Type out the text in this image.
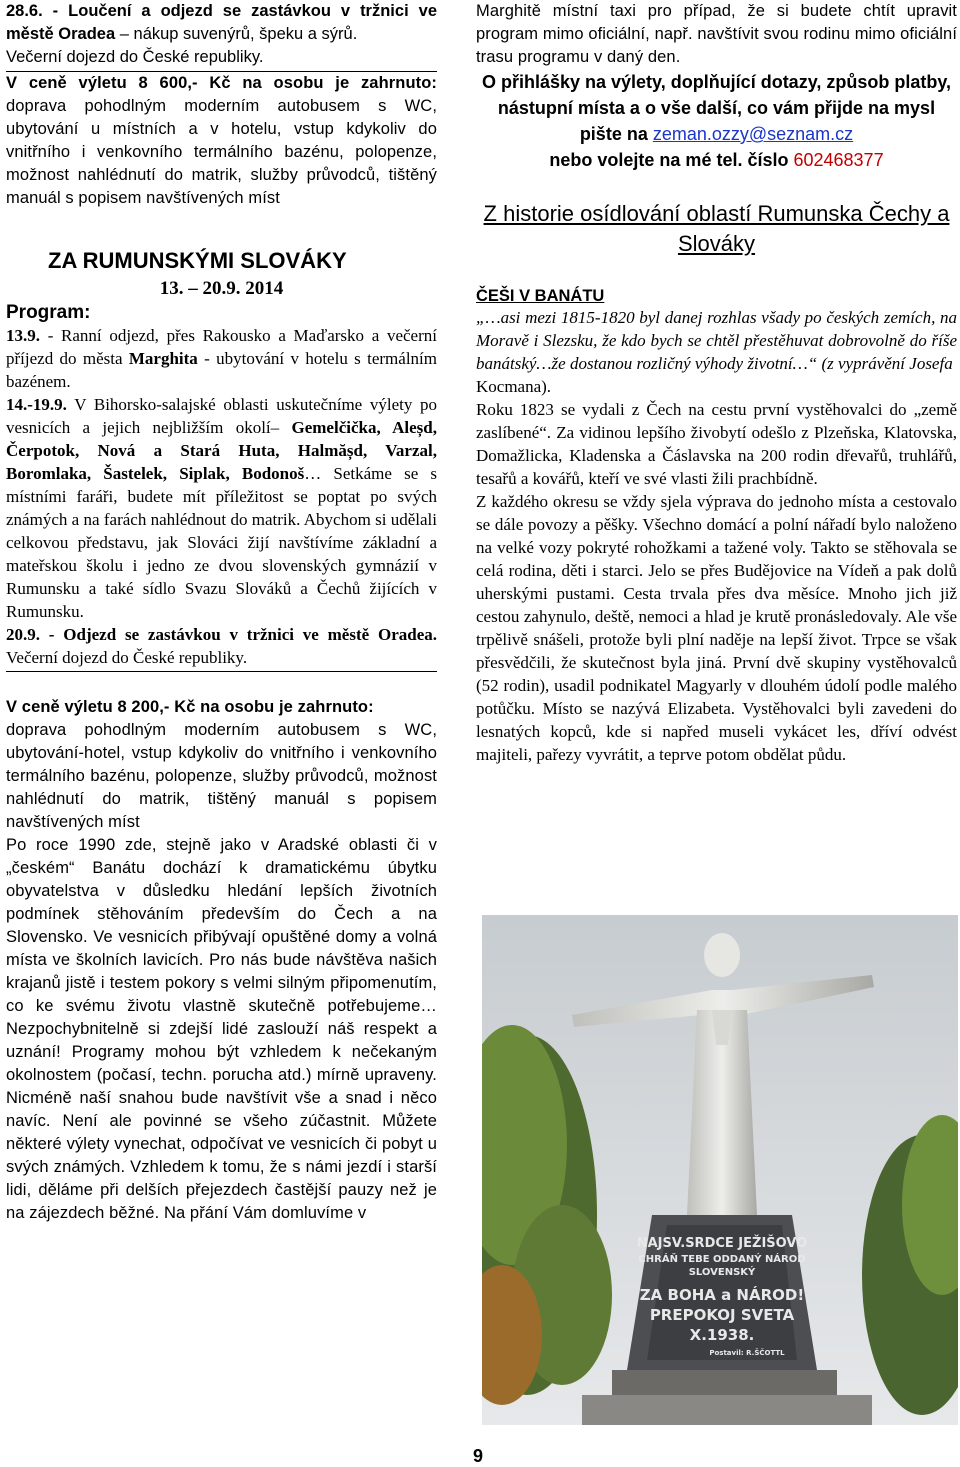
28.6. - Loučení a odjezd se zastávkou v tržnici ve městě Oradea – nákup suvenýrů, špeku a sýrů.
Večerní dojezd do České republiky.

V ceně výletu 8 600,- Kč na osobu je zahrnuto: doprava pohodlným moderním autobusem s WC, ubytování u místních a v hotelu, vstup kdykoliv do vnitřního i venkovního termálního bazénu, polopenze, možnost nahlédnutí do matrik, služby průvodců, tištěný manuál s popisem navštívených míst

ZA RUMUNSKÝMI SLOVÁKY
13. – 20.9. 2014
Program:

13.9. - Ranní odjezd, přes Rakousko a Maďarsko a večerní příjezd do města Marghita - ubytování v hotelu s termálním bazénem.

14.-19.9. V Bihorsko-salajské oblasti uskutečníme výlety po vesnicích a jejich nejbližším okolí– Gemelčička, Aleșd, Čerpotok, Nová a Stará Huta, Halmășd, Varzal, Boromlaka, Šastelek, Siplak, Bodonoš… Setkáme se s místními faráři, budete mít příležitost se poptat po svých známých a na farách nahlédnout do matrik. Abychom si udělali celkovou představu, jak Slováci žijí navštívíme základní a mateřskou školu i jedno ze dvou slovenských gymnázií v Rumunsku a také sídlo Svazu Slováků a Čechů žijících v Rumunsku.

20.9. - Odjezd se zastávkou v tržnici ve městě Oradea. Večerní dojezd do České republiky.

V ceně výletu 8 200,- Kč na osobu je zahrnuto:
doprava pohodlným moderním autobusem s WC, ubytování-hotel, vstup kdykoliv do vnitřního i venkovního termálního bazénu, polopenze, služby průvodců, možnost nahlédnutí do matrik, tištěný manuál s popisem navštívených míst

Po roce 1990 zde, stejně jako v Aradské oblasti či v „českém“ Banátu dochází k dramatickému úbytku obyvatelstva v důsledku hledání lepších životních podmínek stěhováním především do Čech a na Slovensko. Ve vesnicích přibývají opuštěné domy a volná místa ve školních lavicích. Pro nás bude návštěva našich krajanů jistě i testem pokory s velmi silným připomenutím, co ke svému životu vlastně skutečně potřebujeme…Nezpochybnitelně si zdejší lidé zaslouží náš respekt a uznání! Programy mohou být vzhledem k nečekaným okolnostem (počasí, techn. porucha atd.) mírně upraveny. Nicméně naší snahou bude navštívit vše a snad i něco navíc. Není ale povinné se všeho zúčastnit. Můžete některé výlety vynechat, odpočívat ve vesnicích či pobyt u svých známých. Vzhledem k tomu, že s námi jezdí i starší lidi, děláme při delších přejezdech častější pauzy než je na zájezdech běžné. Na přání Vám domluvíme v

Marghitě místní taxi pro případ, že si budete chtít upravit program mimo oficiální, např. navštívit svou rodinu mimo oficiální trasu programu v daný den.

O přihlášky na výlety, doplňující dotazy, způsob platby, nástupní místa a o vše další, co vám přijde na mysl pište na zeman.ozzy@seznam.cz
nebo volejte na mé tel. číslo 602468377
Z historie osídlování oblastí Rumunska Čechy a Slováky
ČEŠI V BANÁTU

„…asi mezi 1815-1820 byl danej rozhlas všady po českých zemích, na Moravě i Slezsku, že kdo bych se chtěl přestěhuvat dobrovolně do říše banátský…že dostanou rozličný výhody životní…“ (z vyprávění Josefa
Kocmana).

Roku 1823 se vydali z Čech na cestu první vystěhovalci do „země zaslíbené“. Za vidinou lepšího živobytí odešlo z Plzeňska, Klatovska, Domažlicka, Kladenska a Čáslavska na 200 rodin dřevařů, truhlářů, tesařů a kovářů, kteří ve své vlasti žili prachbídně.

Z každého okresu se vždy sjela výprava do jednoho místa a cestovalo se dále povozy a pěšky. Všechno domácí a polní nářadí bylo naloženo na velké vozy pokryté rohožkami a tažené voly. Takto se stěhovala se celá rodina, děti i starci. Jelo se přes Budějovice na Vídeň a pak dolů uherskými pustami. Cesta trvala přes dva měsíce. Mnoho jich již cestou zahynulo, deště, nemoci a hlad je krutě pronásledovaly. Ale vše trpělivě snášeli, protože byli plní naděje na lepší život. Trpce se však přesvědčili, že skutečnost byla jiná. První dvě skupiny vystěhovalců (52 rodin), usadil podnikatel Magyarly v dlouhém údolí podle malého potůčku. Místo se nazývá Elizabeta. Vystěhovalci byli zavedeni do lesnatých kopců, kde si napřed museli vykácet les, dříví odvést majiteli, pařezy vyvrátit, a teprve potom obdělat půdu.

NAJSV.SRDCE JEŽIŠOVO
CHRÁŇ TEBE ODDANÝ NÁROD
SLOVENSKÝ
ZA BOHA a NÁROD!
PREPOKOJ SVETA
X.1938.
Postavil: R.ŠČOTTL
9
